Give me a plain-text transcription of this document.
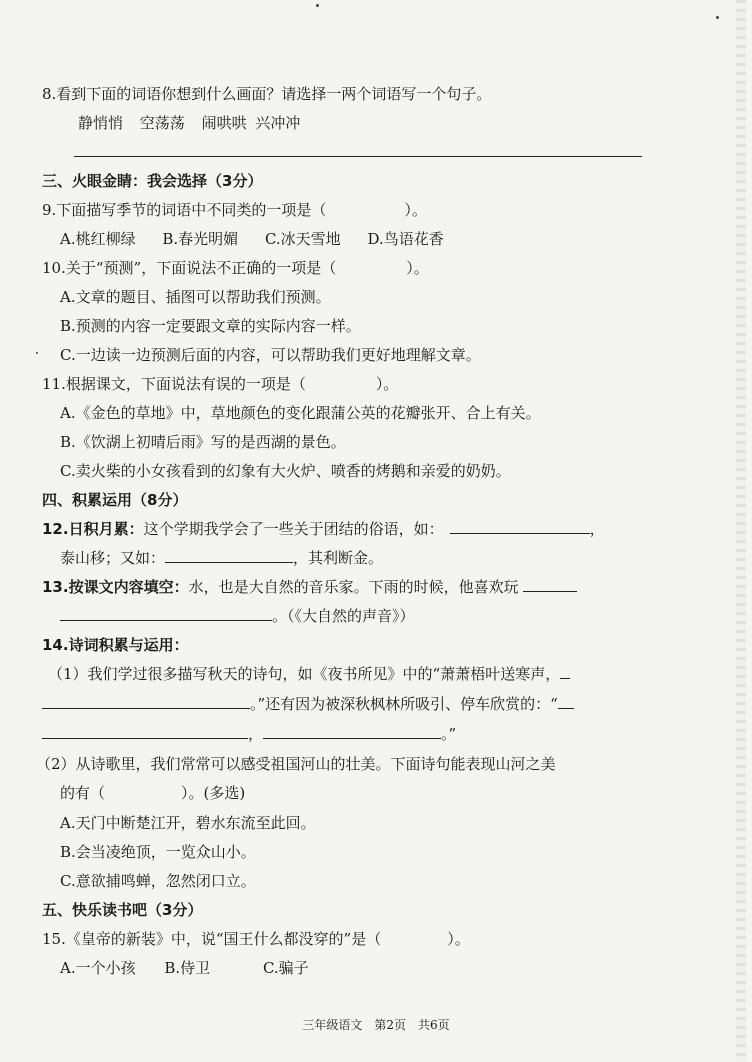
8.看到下面的词语你想到什么画面？请选择一两个词语写一个句子。
静悄悄 空荡荡 闹哄哄 兴冲冲
三、火眼金睛：我会选择（3分）
9.下面描写季节的词语中不同类的一项是（	）。
A.桃红柳绿 B.春光明媚 C.冰天雪地 D.鸟语花香
10.关于“预测”，下面说法不正确的一项是（	）。
A.文章的题目、插图可以帮助我们预测。
B.预测的内容一定要跟文章的实际内容一样。
C.一边读一边预测后面的内容，可以帮助我们更好地理解文章。
11.根据课文，下面说法有误的一项是（	）。
A.《金色的草地》中，草地颜色的变化跟蒲公英的花瓣张开、合上有关。
B.《饮湖上初晴后雨》写的是西湖的景色。
C.卖火柴的小女孩看到的幻象有大火炉、喷香的烤鹅和亲爱的奶奶。
四、积累运用（8分）
12.日积月累：这个学期我学会了一些关于团结的俗语，如：	，
泰山移；又如：	，其利断金。
13.按课文内容填空：水，也是大自然的音乐家。下雨的时候，他喜欢玩
。（《大自然的声音》）
14.诗词积累与运用：
（1）我们学过很多描写秋天的诗句，如《夜书所见》中的“萧萧梧叶送寒声，
。”还有因为被深秋枫林所吸引、停车欣赏的：“
，	。”
（2）从诗歌里，我们常常可以感受祖国河山的壮美。下面诗句能表现山河之美
的有（	）。(多选)
A.天门中断楚江开，碧水东流至此回。
B.会当凌绝顶，一览众山小。
C.意欲捕鸣蝉，忽然闭口立。
五、快乐读书吧（3分）
15.《皇帝的新装》中，说“国王什么都没穿的”是（	）。
A.一个小孩 B.侍卫	C.骗子
三年级语文　第2页　共6页
